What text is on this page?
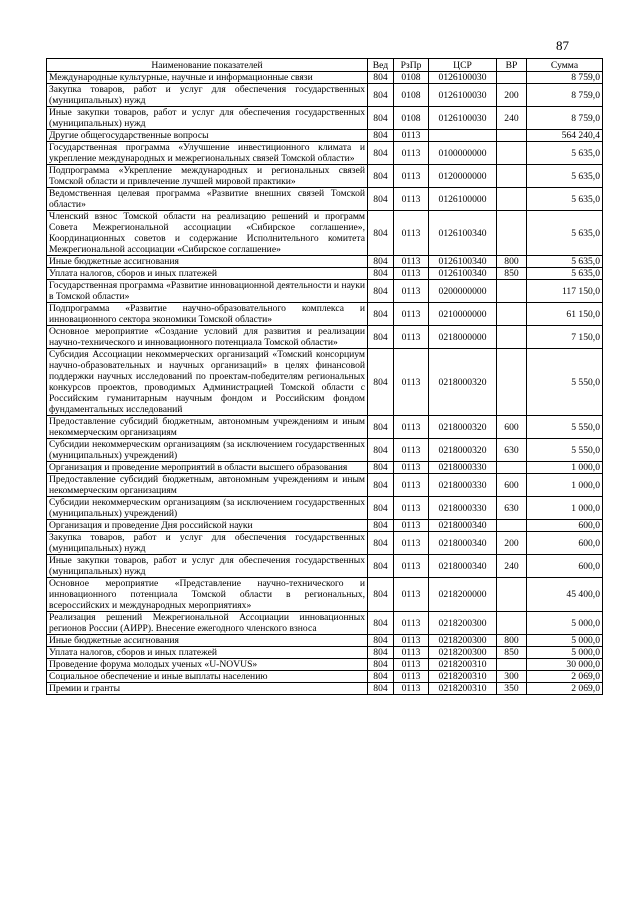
87
Наименование показателей	Вед	РзПр	ЦСР	ВР	Сумма
Международные культурные, научные и информационные связи	804	0108	0126100030		8 759,0
Закупка товаров, работ и услуг для обеспечения государственных (муниципальных) нужд	804	0108	0126100030	200	8 759,0
Иные закупки товаров, работ и услуг для обеспечения государственных (муниципальных) нужд	804	0108	0126100030	240	8 759,0
Другие общегосударственные вопросы	804	0113			564 240,4
Государственная программа «Улучшение инвестиционного климата и укрепление международных и межрегиональных связей Томской области»	804	0113	0100000000		5 635,0
Подпрограмма «Укрепление международных и региональных связей Томской области и привлечение лучшей мировой практики»	804	0113	0120000000		5 635,0
Ведомственная целевая программа «Развитие внешних связей Томской области»	804	0113	0126100000		5 635,0
Членский взнос Томской области на реализацию решений и программ Совета Межрегиональной ассоциации «Сибирское соглашение», Координационных советов и содержание Исполнительного комитета Межрегиональной ассоциации «Сибирское соглашение»	804	0113	0126100340		5 635,0
Иные бюджетные ассигнования	804	0113	0126100340	800	5 635,0
Уплата налогов, сборов и иных платежей	804	0113	0126100340	850	5 635,0
Государственная программа «Развитие инновационной деятельности и науки в Томской области»	804	0113	0200000000		117 150,0
Подпрограмма «Развитие научно-образовательного комплекса и инновационного сектора экономики Томской области»	804	0113	0210000000		61 150,0
Основное мероприятие «Создание условий для развития и реализации научно-технического и инновационного потенциала Томской области»	804	0113	0218000000		7 150,0
Субсидия Ассоциации некоммерческих организаций «Томский консорциум научно-образовательных и научных организаций» в целях финансовой поддержки научных исследований по проектам-победителям региональных конкурсов проектов, проводимых Администрацией Томской области с Российским гуманитарным научным фондом и Российским фондом фундаментальных исследований	804	0113	0218000320		5 550,0
Предоставление субсидий бюджетным, автономным учреждениям и иным некоммерческим организациям	804	0113	0218000320	600	5 550,0
Субсидии некоммерческим организациям (за исключением государственных (муниципальных) учреждений)	804	0113	0218000320	630	5 550,0
Организация и проведение мероприятий в области высшего образования	804	0113	0218000330		1 000,0
Предоставление субсидий бюджетным, автономным учреждениям и иным некоммерческим организациям	804	0113	0218000330	600	1 000,0
Субсидии некоммерческим организациям (за исключением государственных (муниципальных) учреждений)	804	0113	0218000330	630	1 000,0
Организация и проведение Дня российской науки	804	0113	0218000340		600,0
Закупка товаров, работ и услуг для обеспечения государственных (муниципальных) нужд	804	0113	0218000340	200	600,0
Иные закупки товаров, работ и услуг для обеспечения государственных (муниципальных) нужд	804	0113	0218000340	240	600,0
Основное мероприятие «Представление научно-технического и инновационного потенциала Томской области в региональных, всероссийских и международных мероприятиях»	804	0113	0218200000		45 400,0
Реализация решений Межрегиональной Ассоциации инновационных регионов России (АИРР). Внесение ежегодного членского взноса	804	0113	0218200300		5 000,0
Иные бюджетные ассигнования	804	0113	0218200300	800	5 000,0
Уплата налогов, сборов и иных платежей	804	0113	0218200300	850	5 000,0
Проведение форума молодых ученых «U-NOVUS»	804	0113	0218200310		30 000,0
Социальное обеспечение и иные выплаты населению	804	0113	0218200310	300	2 069,0
Премии и гранты	804	0113	0218200310	350	2 069,0
